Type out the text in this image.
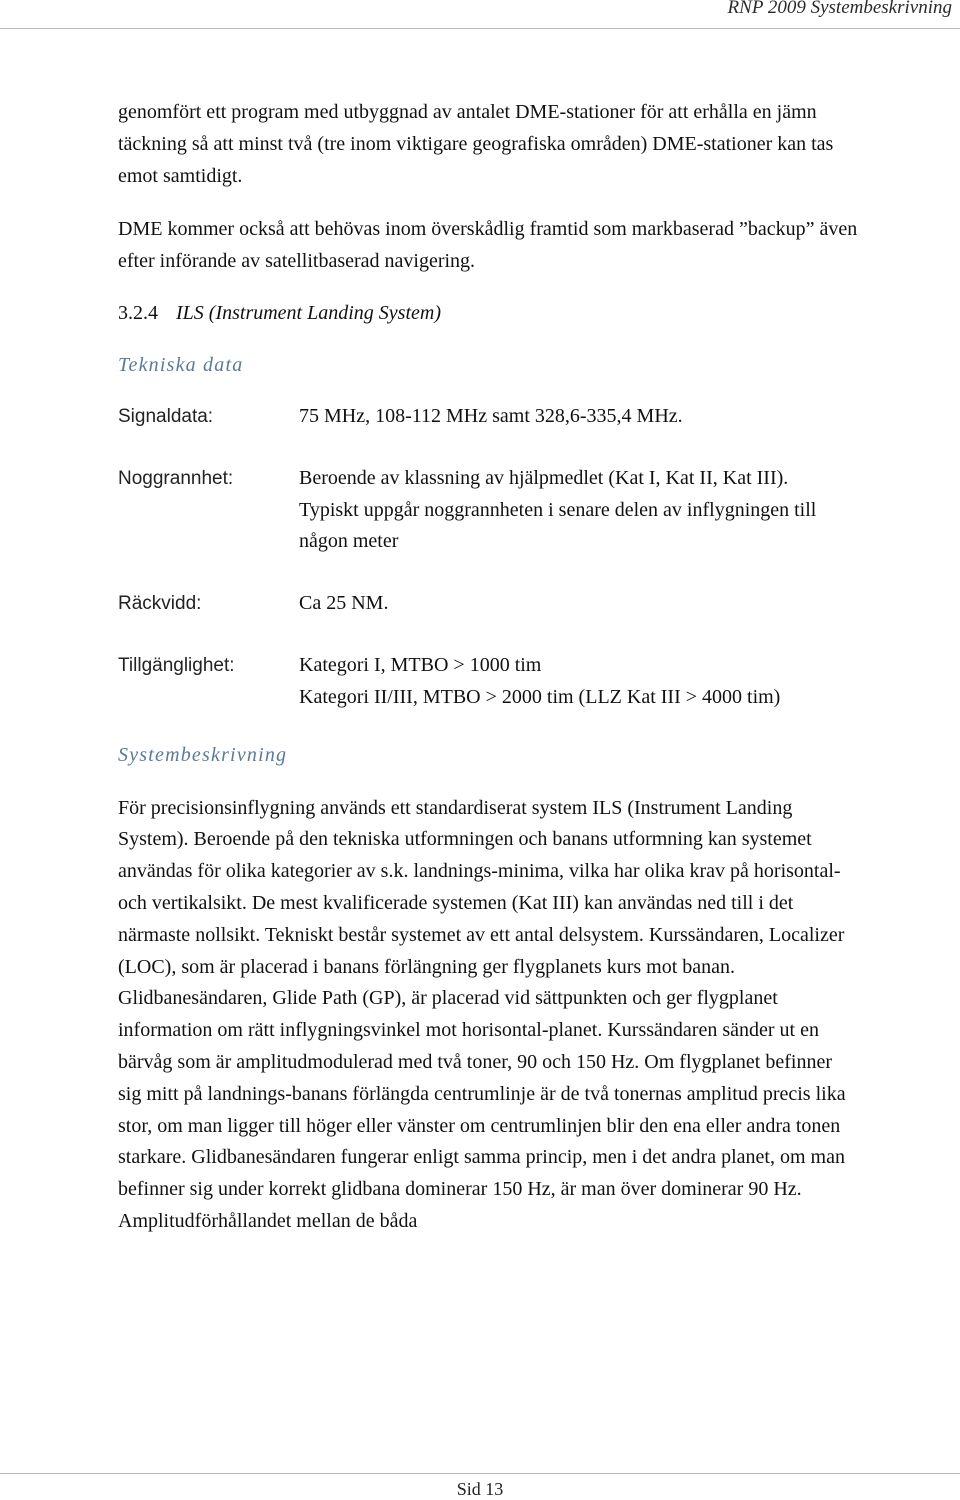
RNP 2009 Systembeskrivning

genomfört ett program med utbyggnad av antalet DME-stationer för att erhålla en jämn täckning så att minst två (tre inom viktigare geografiska områden) DME-stationer kan tas emot samtidigt.

DME kommer också att behövas inom överskådlig framtid som markbaserad ”backup” även efter införande av satellitbaserad navigering.

3.2.4 ILS (Instrument Landing System)
Tekniska data
Signaldata:	75 MHz, 108-112 MHz samt 328,6-335,4 MHz.
Noggrannhet:	Beroende av klassning av hjälpmedlet (Kat I, Kat II, Kat III). Typiskt uppgår noggrannheten i senare delen av inflygningen till någon meter
Räckvidd:	Ca 25 NM.
Tillgänglighet:	Kategori I, MTBO > 1000 tim
Kategori II/III, MTBO > 2000 tim (LLZ Kat III > 4000 tim)
Systembeskrivning

För precisionsinflygning används ett standardiserat system ILS (Instrument Landing System). Beroende på den tekniska utformningen och banans utformning kan systemet användas för olika kategorier av s.k. landnings-minima, vilka har olika krav på horisontal- och vertikalsikt. De mest kvalificerade systemen (Kat III) kan användas ned till i det närmaste nollsikt. Tekniskt består systemet av ett antal delsystem. Kurssändaren, Localizer (LOC), som är placerad i banans förlängning ger flygplanets kurs mot banan. Glidbanesändaren, Glide Path (GP), är placerad vid sättpunkten och ger flygplanet information om rätt inflygningsvinkel mot horisontal-planet. Kurssändaren sänder ut en bärvåg som är amplitudmodulerad med två toner, 90 och 150 Hz. Om flygplanet befinner sig mitt på landnings-banans förlängda centrumlinje är de två tonernas amplitud precis lika stor, om man ligger till höger eller vänster om centrumlinjen blir den ena eller andra tonen starkare. Glidbanesändaren fungerar enligt samma princip, men i det andra planet, om man befinner sig under korrekt glidbana dominerar 150 Hz, är man över dominerar 90 Hz. Amplitudförhållandet mellan de båda

Sid 13
